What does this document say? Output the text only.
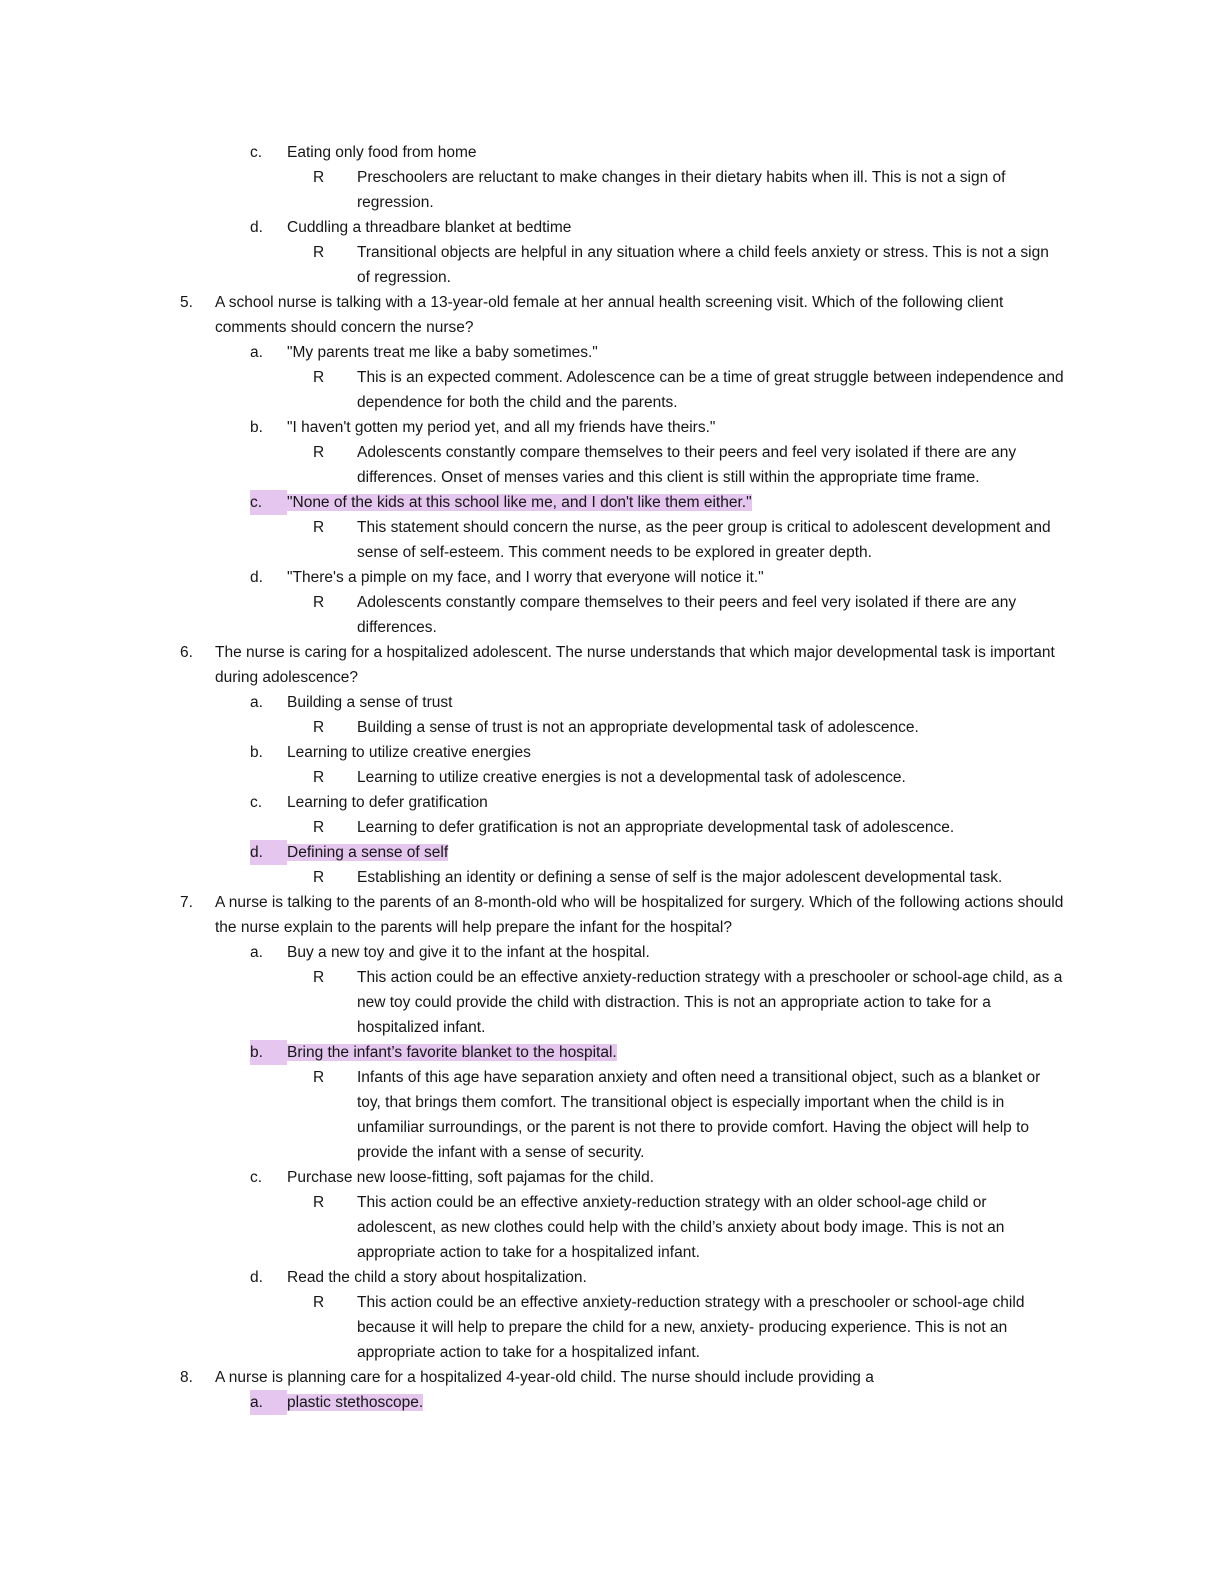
c.	Eating only food from home
R	Preschoolers are reluctant to make changes in their dietary habits when ill. This is not a sign of regression.
d.	Cuddling a threadbare blanket at bedtime
R	Transitional objects are helpful in any situation where a child feels anxiety or stress. This is not a sign of regression.
5.	A school nurse is talking with a 13-year-old female at her annual health screening visit. Which of the following client comments should concern the nurse?
a.	"My parents treat me like a baby sometimes."
R	This is an expected comment. Adolescence can be a time of great struggle between independence and dependence for both the child and the parents.
b.	"I haven't gotten my period yet, and all my friends have theirs."
R	Adolescents constantly compare themselves to their peers and feel very isolated if there are any differences. Onset of menses varies and this client is still within the appropriate time frame.
c.	"None of the kids at this school like me, and I don't like them either."
R	This statement should concern the nurse, as the peer group is critical to adolescent development and sense of self-esteem. This comment needs to be explored in greater depth.
d.	"There's a pimple on my face, and I worry that everyone will notice it."
R	Adolescents constantly compare themselves to their peers and feel very isolated if there are any differences.
6.	The nurse is caring for a hospitalized adolescent. The nurse understands that which major developmental task is important during adolescence?
a.	Building a sense of trust
R	Building a sense of trust is not an appropriate developmental task of adolescence.
b.	Learning to utilize creative energies
R	Learning to utilize creative energies is not a developmental task of adolescence.
c.	Learning to defer gratification
R	Learning to defer gratification is not an appropriate developmental task of adolescence.
d.	Defining a sense of self
R	Establishing an identity or defining a sense of self is the major adolescent developmental task.
7.	A nurse is talking to the parents of an 8-month-old who will be hospitalized for surgery. Which of the following actions should the nurse explain to the parents will help prepare the infant for the hospital?
a.	Buy a new toy and give it to the infant at the hospital.
R	This action could be an effective anxiety-reduction strategy with a preschooler or school-age child, as a new toy could provide the child with distraction. This is not an appropriate action to take for a hospitalized infant.
b.	Bring the infant’s favorite blanket to the hospital.
R	Infants of this age have separation anxiety and often need a transitional object, such as a blanket or toy, that brings them comfort. The transitional object is especially important when the child is in unfamiliar surroundings, or the parent is not there to provide comfort. Having the object will help to provide the infant with a sense of security.
c.	Purchase new loose-fitting, soft pajamas for the child.
R	This action could be an effective anxiety-reduction strategy with an older school-age child or adolescent, as new clothes could help with the child’s anxiety about body image. This is not an appropriate action to take for a hospitalized infant.
d.	Read the child a story about hospitalization.
R	This action could be an effective anxiety-reduction strategy with a preschooler or school-age child because it will help to prepare the child for a new, anxiety- producing experience. This is not an appropriate action to take for a hospitalized infant.
8.	A nurse is planning care for a hospitalized 4-year-old child. The nurse should include providing a
a.	plastic stethoscope.
